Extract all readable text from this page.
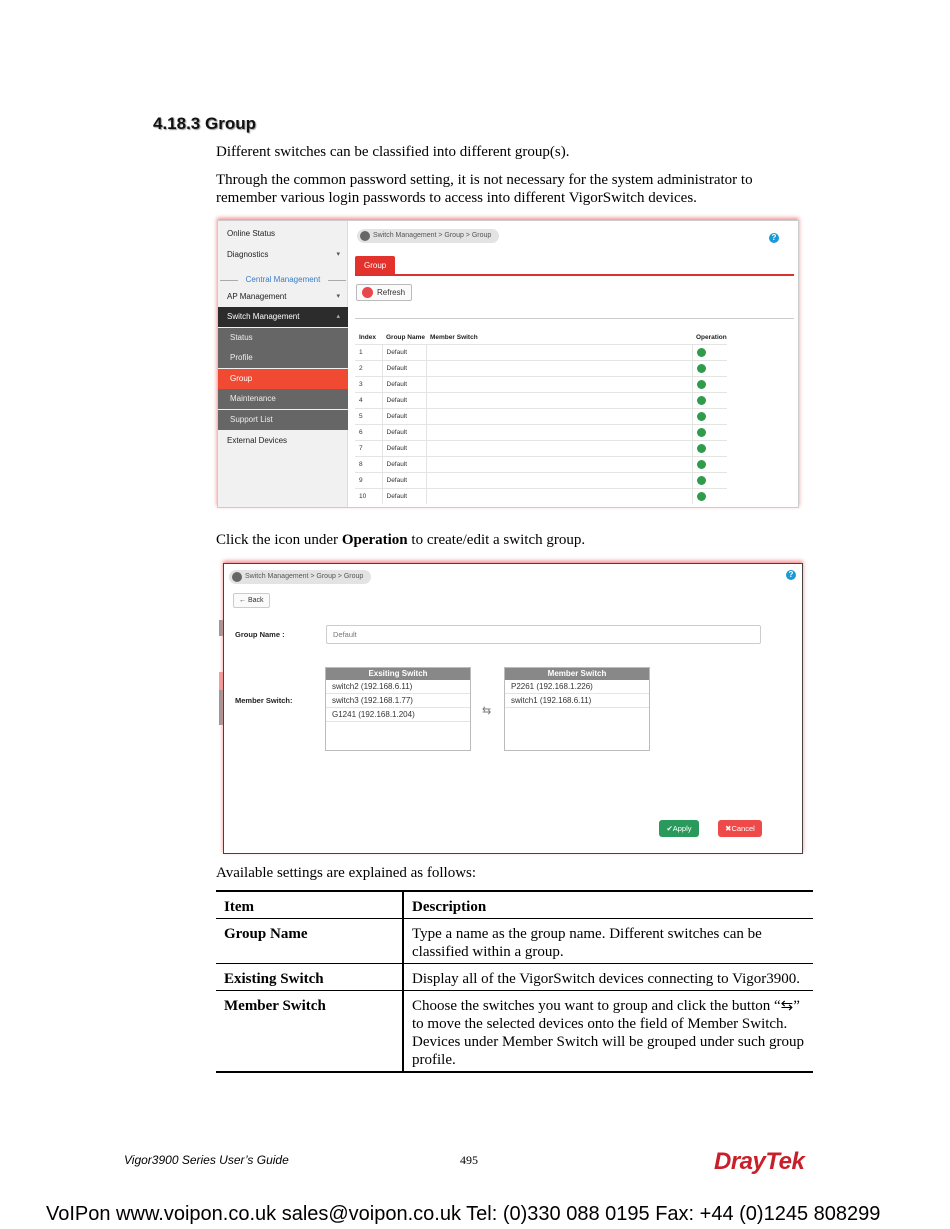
4.18.3 Group

Different switches can be classified into different group(s).

Through the common password setting, it is not necessary for the system administrator to remember various login passwords to access into different VigorSwitch devices.

Online Status
Diagnostics	▾
Central Management
AP Management	▾
Switch Management	▴
Status
Profile
Group
Maintenance
Support List
External Devices
Switch Management > Group > Group	?
Group
Refresh
Index	Group Name	Member Switch	Operation
1	Default		
2	Default		
3	Default		
4	Default		
5	Default		
6	Default		
7	Default		
8	Default		
9	Default		
10	Default		

Click the icon under Operation to create/edit a switch group.

Switch Management > Group > Group	?
← Back
Group Name :	Default
Member Switch:
Exsiting Switch
switch2 (192.168.6.11)
switch3 (192.168.1.77)
G1241 (192.168.1.204)	⇆
Member Switch
P2261 (192.168.1.226)
switch1 (192.168.6.11)
✔Apply	✖Cancel

Available settings are explained as follows:

Item	Description
Group Name	Type a name as the group name. Different switches can be classified within a group.
Existing Switch	Display all of the VigorSwitch devices connecting to Vigor3900.
Member Switch	Choose the switches you want to group and click the button “⇆” to move the selected devices onto the field of Member Switch. Devices under Member Switch will be grouped under such group profile.
Vigor3900 Series User’s Guide	495	DrayTek
VoIPon www.voipon.co.uk sales@voipon.co.uk Tel: (0)330 088 0195 Fax: +44 (0)1245 808299
